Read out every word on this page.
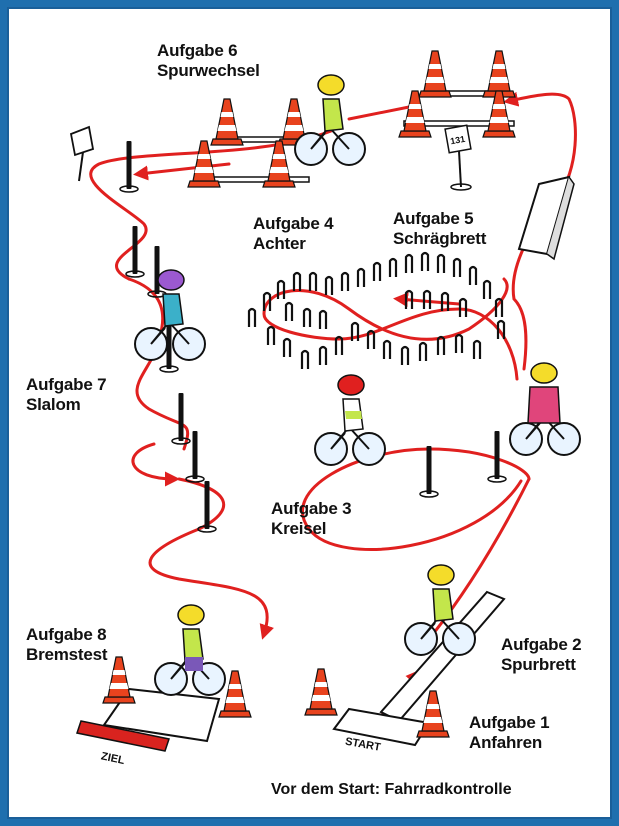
131
START
ZIEL
Aufgabe 6
Spurwechsel
Aufgabe 4
Achter
Aufgabe 5
Schrägbrett
Aufgabe 7
Slalom
Aufgabe 3
Kreisel
Aufgabe 8
Bremstest
Aufgabe 2
Spurbrett
Aufgabe 1
Anfahren
Vor dem Start: Fahrradkontrolle
